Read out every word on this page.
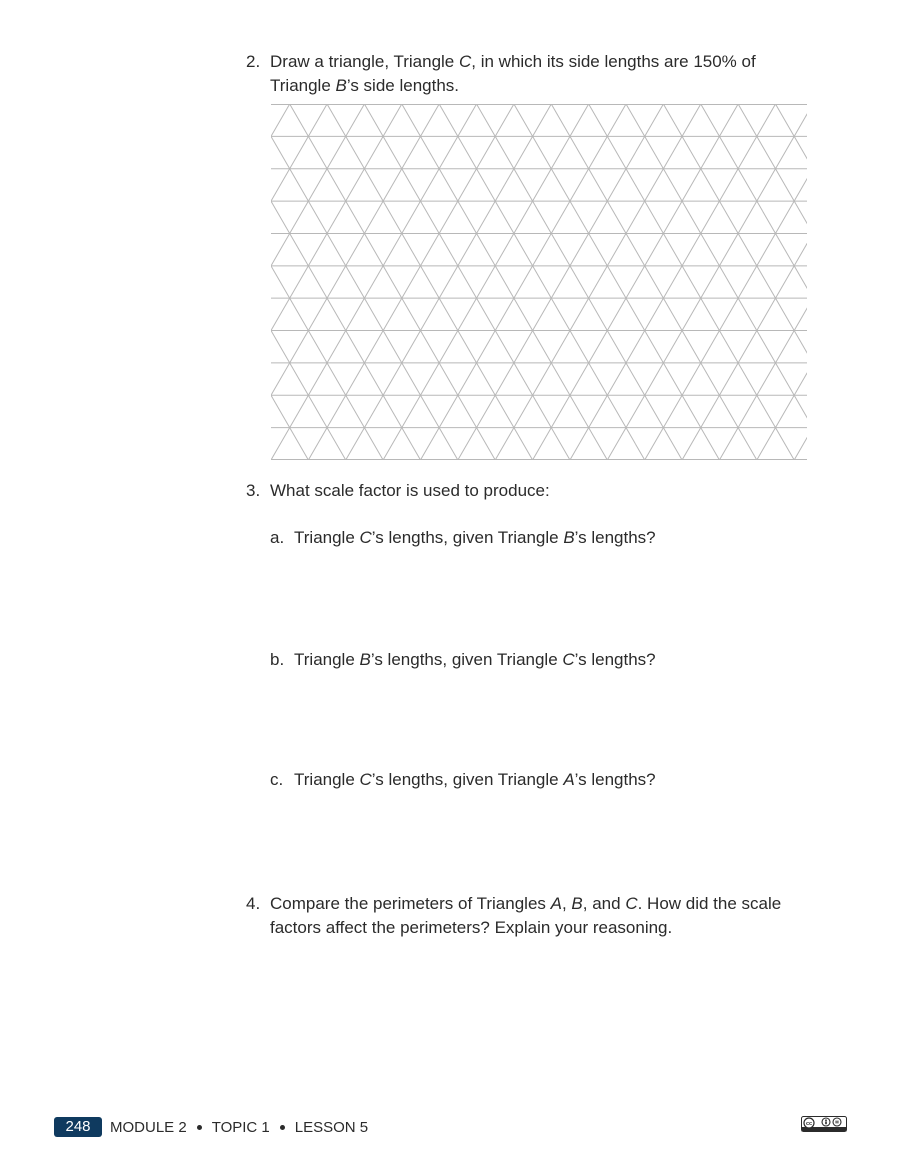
2. Draw a triangle, Triangle C, in which its side lengths are 150% of Triangle B’s side lengths.
3. What scale factor is used to produce:
a. Triangle C’s lengths, given Triangle B’s lengths?
b. Triangle B’s lengths, given Triangle C’s lengths?
c. Triangle C’s lengths, given Triangle A’s lengths?
4. Compare the perimeters of Triangles A, B, and C. How did the scale factors affect the perimeters? Explain your reasoning.
248	MODULE 2 TOPIC 1 LESSON 5	cc
